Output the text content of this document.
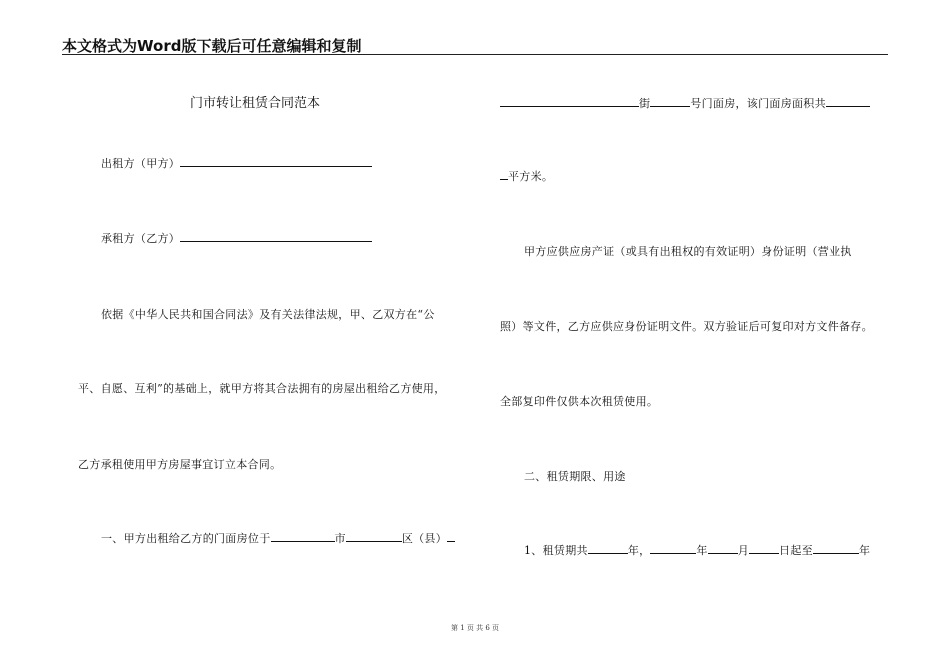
本文格式为Word版下载后可任意编辑和复制
门市转让租赁合同范本
出租方（甲方）
承租方（乙方）
依据《中华人民共和国合同法》及有关法律法规，甲、乙双方在“公
平、自愿、互利”的基础上，就甲方将其合法拥有的房屋出租给乙方使用，
乙方承租使用甲方房屋事宜订立本合同。
一、甲方出租给乙方的门面房位于	市	区（县）
街	号门面房，该门面房面积共
平方米。
甲方应供应房产证（或具有出租权的有效证明）身份证明（营业执
照）等文件，乙方应供应身份证明文件。双方验证后可复印对方文件备存。
全部复印件仅供本次租赁使用。
二、租赁期限、用途
1、租赁期共	年，	年	月	日起至	年
第 1 页 共 6 页
